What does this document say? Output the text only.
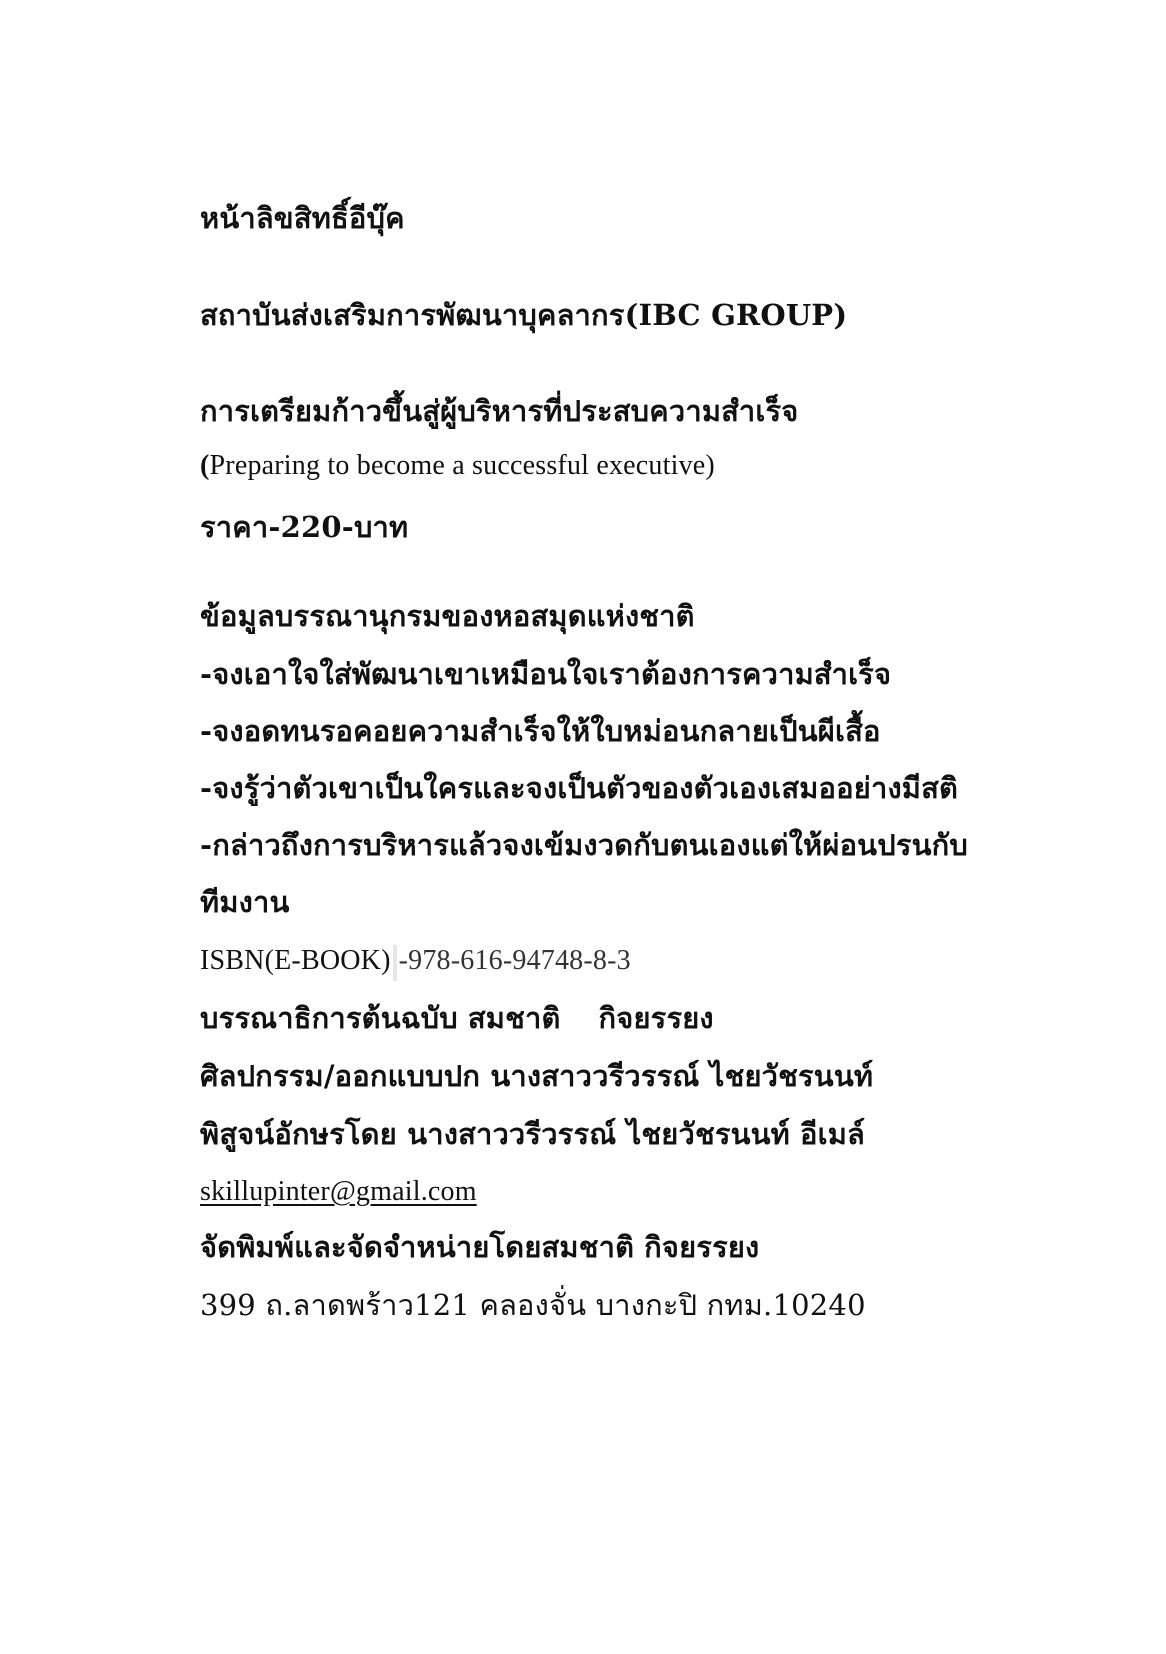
หน้าลิขสิทธิ์อีบุ๊ค
สถาบันส่งเสริมการพัฒนาบุคลากร(IBC GROUP)
การเตรียมก้าวขึ้นสู่ผู้บริหารที่ประสบความสำเร็จ
(Preparing to become a successful executive)
ราคา-220-บาท
ข้อมูลบรรณานุกรมของหอสมุดแห่งชาติ
-จงเอาใจใส่พัฒนาเขาเหมือนใจเราต้องการความสำเร็จ
-จงอดทนรอคอยความสำเร็จให้ใบหม่อนกลายเป็นผีเสื้อ
-จงรู้ว่าตัวเขาเป็นใครและจงเป็นตัวของตัวเองเสมออย่างมีสติ
-กล่าวถึงการบริหารแล้วจงเข้มงวดกับตนเองแต่ให้ผ่อนปรนกับ
ทีมงาน
ISBN(E-BOOK) -978-616-94748-8-3
บรรณาธิการต้นฉบับ สมชาติ กิจยรรยง
ศิลปกรรม/ออกแบบปก นางสาววรีวรรณ์ ไชยวัชรนนท์
พิสูจน์อักษรโดย นางสาววรีวรรณ์ ไชยวัชรนนท์ อีเมล์
skillupinter@gmail.com
จัดพิมพ์และจัดจำหน่ายโดยสมชาติ กิจยรรยง
399 ถ.ลาดพร้าว121 คลองจั่น บางกะปิ กทม.10240
